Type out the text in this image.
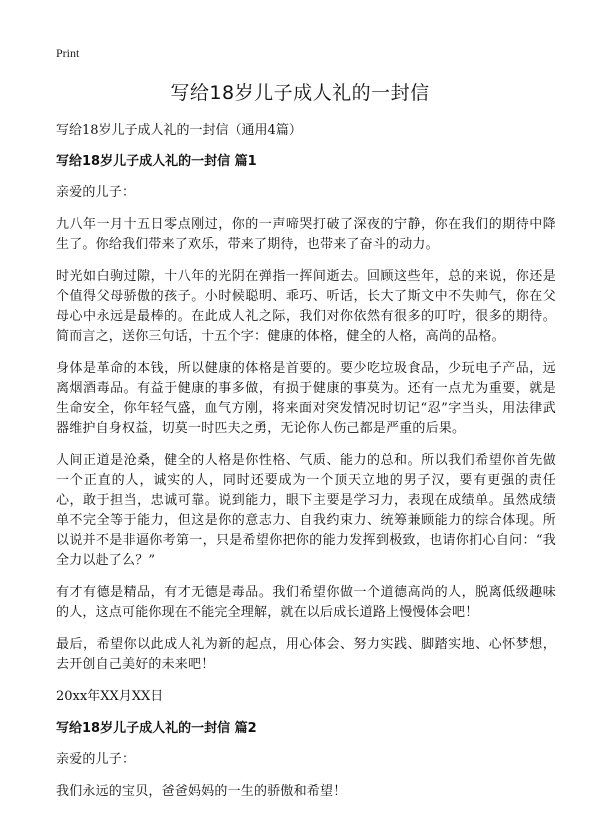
Print
写给18岁儿子成人礼的一封信
写给18岁儿子成人礼的一封信（通用4篇）
写给18岁儿子成人礼的一封信 篇1
亲爱的儿子：
九八年一月十五日零点刚过，你的一声啼哭打破了深夜的宁静，你在我们的期待中降生了。你给我们带来了欢乐，带来了期待，也带来了奋斗的动力。
时光如白驹过隙，十八年的光阴在弹指一挥间逝去。回顾这些年，总的来说，你还是个值得父母骄傲的孩子。小时候聪明、乖巧、听话，长大了斯文中不失帅气，你在父母心中永远是最棒的。在此成人礼之际，我们对你依然有很多的叮咛，很多的期待。简而言之，送你三句话，十五个字：健康的体格，健全的人格，高尚的品格。
身体是革命的本钱，所以健康的体格是首要的。要少吃垃圾食品，少玩电子产品，远离烟酒毒品。有益于健康的事多做，有损于健康的事莫为。还有一点尤为重要，就是生命安全，你年轻气盛，血气方刚，将来面对突发情况时切记“忍”字当头，用法律武器维护自身权益，切莫一时匹夫之勇，无论你人伤己都是严重的后果。
人间正道是沧桑，健全的人格是你性格、气质、能力的总和。所以我们希望你首先做一个正直的人，诚实的人，同时还要成为一个顶天立地的男子汉，要有更强的责任心，敢于担当，忠诚可靠。说到能力，眼下主要是学习力，表现在成绩单。虽然成绩单不完全等于能力，但这是你的意志力、自我约束力、统筹兼顾能力的综合体现。所以说并不是非逼你考第一，只是希望你把你的能力发挥到极致，也请你扪心自问：“我全力以赴了么？”
有才有德是精品，有才无德是毒品。我们希望你做一个道德高尚的人，脱离低级趣味的人，这点可能你现在不能完全理解，就在以后成长道路上慢慢体会吧！
最后，希望你以此成人礼为新的起点，用心体会、努力实践、脚踏实地、心怀梦想，去开创自己美好的未来吧！
20xx年XX月XX日
写给18岁儿子成人礼的一封信 篇2
亲爱的儿子：
我们永远的宝贝，爸爸妈妈的一生的骄傲和希望！
